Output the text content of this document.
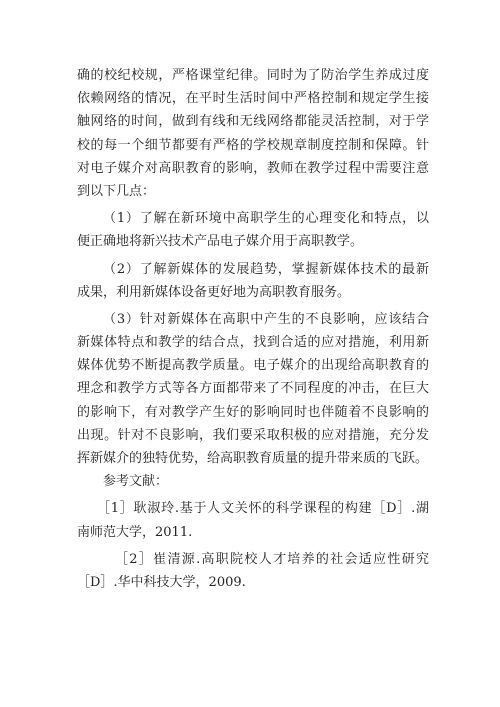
确的校纪校规，严格课堂纪律。同时为了防治学生养成过度
依赖网络的情况，在平时生活时间中严格控制和规定学生接
触网络的时间，做到有线和无线网络都能灵活控制，对于学
校的每一个细节都要有严格的学校规章制度控制和保障。针
对电子媒介对高职教育的影响，教师在教学过程中需要注意
到以下几点：
（1）了解在新环境中高职学生的心理变化和特点，以
便正确地将新兴技术产品电子媒介用于高职教学。
（2）了解新媒体的发展趋势，掌握新媒体技术的最新
成果，利用新媒体设备更好地为高职教育服务。
（3）针对新媒体在高职中产生的不良影响，应该结合
新媒体特点和教学的结合点，找到合适的应对措施，利用新
媒体优势不断提高教学质量。电子媒介的出现给高职教育的
理念和教学方式等各方面都带来了不同程度的冲击，在巨大
的影响下，有对教学产生好的影响同时也伴随着不良影响的
出现。针对不良影响，我们要采取积极的应对措施，充分发
挥新媒介的独特优势，给高职教育质量的提升带来质的飞跃。
参考文献：
［1］耿淑玲.基于人文关怀的科学课程的构建［D］.湖
南师范大学，2011.
［2］崔清源.高职院校人才培养的社会适应性研究
［D］.华中科技大学，2009.
